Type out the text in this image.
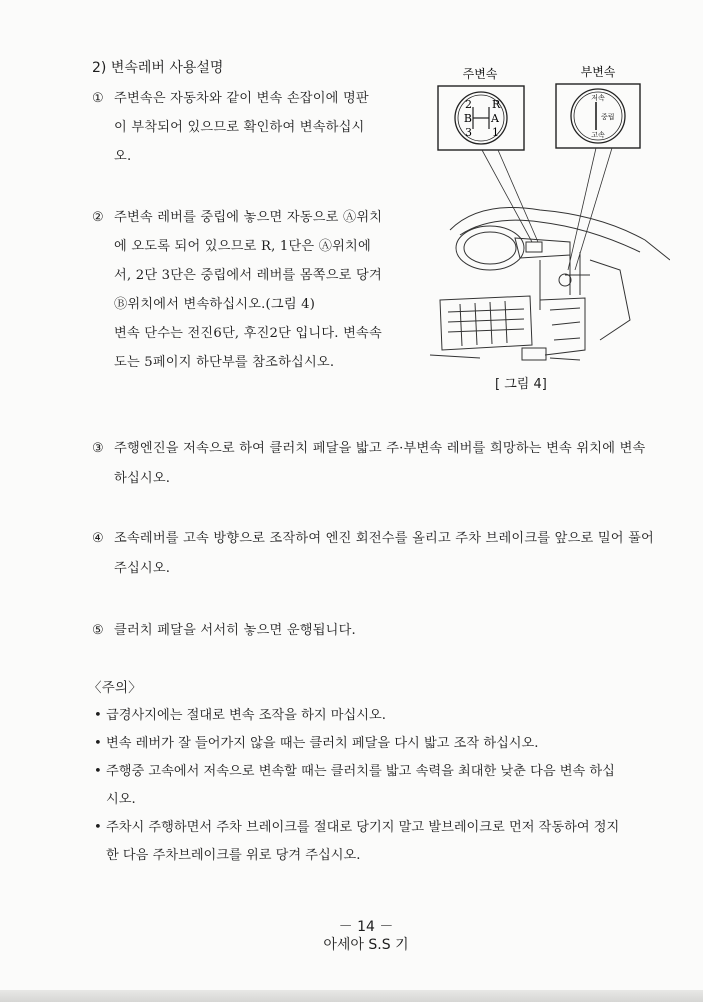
2) 변속레버 사용설명
① 주변속은 자동차와 같이 변속 손잡이에 명판
이 부착되어 있으므로 확인하여 변속하십시
오.
② 주변속 레버를 중립에 놓으면 자동으로 Ⓐ위치
에 오도록 되어 있으므로 R, 1단은 Ⓐ위치에
서, 2단 3단은 중립에서 레버를 몸쪽으로 당겨
Ⓑ위치에서 변속하십시오.(그림 4)
변속 단수는 전진6단, 후진2단 입니다. 변속속
도는 5페이지 하단부를 참조하십시오.
주변속	부변속
2 R
B A
3 1
저속
중립
고속
[ 그림 4]
③ 주행엔진을 저속으로 하여 클러치 페달을 밟고 주·부변속 레버를 희망하는 변속 위치에 변속
하십시오.
④ 조속레버를 고속 방향으로 조작하여 엔진 회전수를 올리고 주차 브레이크를 앞으로 밀어 풀어
주십시오.
⑤ 클러치 페달을 서서히 놓으면 운행됩니다.
〈주의〉
• 급경사지에는 절대로 변속 조작을 하지 마십시오.
• 변속 레버가 잘 들어가지 않을 때는 클러치 페달을 다시 밟고 조작 하십시오.
• 주행중 고속에서 저속으로 변속할 때는 클러치를 밟고 속력을 최대한 낮춘 다음 변속 하십
시오.
• 주차시 주행하면서 주차 브레이크를 절대로 당기지 말고 발브레이크로 먼저 작동하여 정지
한 다음 주차브레이크를 위로 당겨 주십시오.
－ 14 －
아세아 S.S 기
